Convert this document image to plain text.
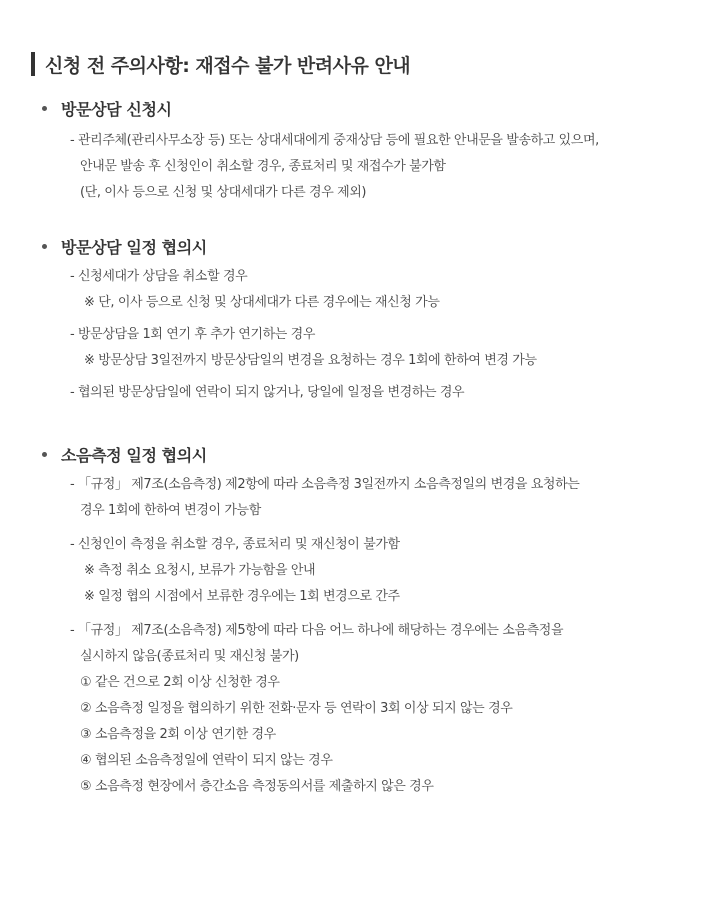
신청 전 주의사항: 재접수 불가 반려사유 안내
방문상담 신청시
- 관리주체(관리사무소장 등) 또는 상대세대에게 중재상담 등에 필요한 안내문을 발송하고 있으며,
안내문 발송 후 신청인이 취소할 경우, 종료처리 및 재접수가 불가함
(단, 이사 등으로 신청 및 상대세대가 다른 경우 제외)
방문상담 일정 협의시
- 신청세대가 상담을 취소할 경우
※ 단, 이사 등으로 신청 및 상대세대가 다른 경우에는 재신청 가능
- 방문상담을 1회 연기 후 추가 연기하는 경우
※ 방문상담 3일전까지 방문상담일의 변경을 요청하는 경우 1회에 한하여 변경 가능
- 협의된 방문상담일에 연락이 되지 않거나, 당일에 일정을 변경하는 경우
소음측정 일정 협의시
- 「규정」 제7조(소음측정) 제2항에 따라 소음측정 3일전까지 소음측정일의 변경을 요청하는
경우 1회에 한하여 변경이 가능함
- 신청인이 측정을 취소할 경우, 종료처리 및 재신청이 불가함
※ 측정 취소 요청시, 보류가 가능함을 안내
※ 일정 협의 시점에서 보류한 경우에는 1회 변경으로 간주
- 「규정」 제7조(소음측정) 제5항에 따라 다음 어느 하나에 해당하는 경우에는 소음측정을
실시하지 않음(종료처리 및 재신청 불가)
① 같은 건으로 2회 이상 신청한 경우
② 소음측정 일정을 협의하기 위한 전화·문자 등 연락이 3회 이상 되지 않는 경우
③ 소음측정을 2회 이상 연기한 경우
④ 협의된 소음측정일에 연락이 되지 않는 경우
⑤ 소음측정 현장에서 층간소음 측정동의서를 제출하지 않은 경우
